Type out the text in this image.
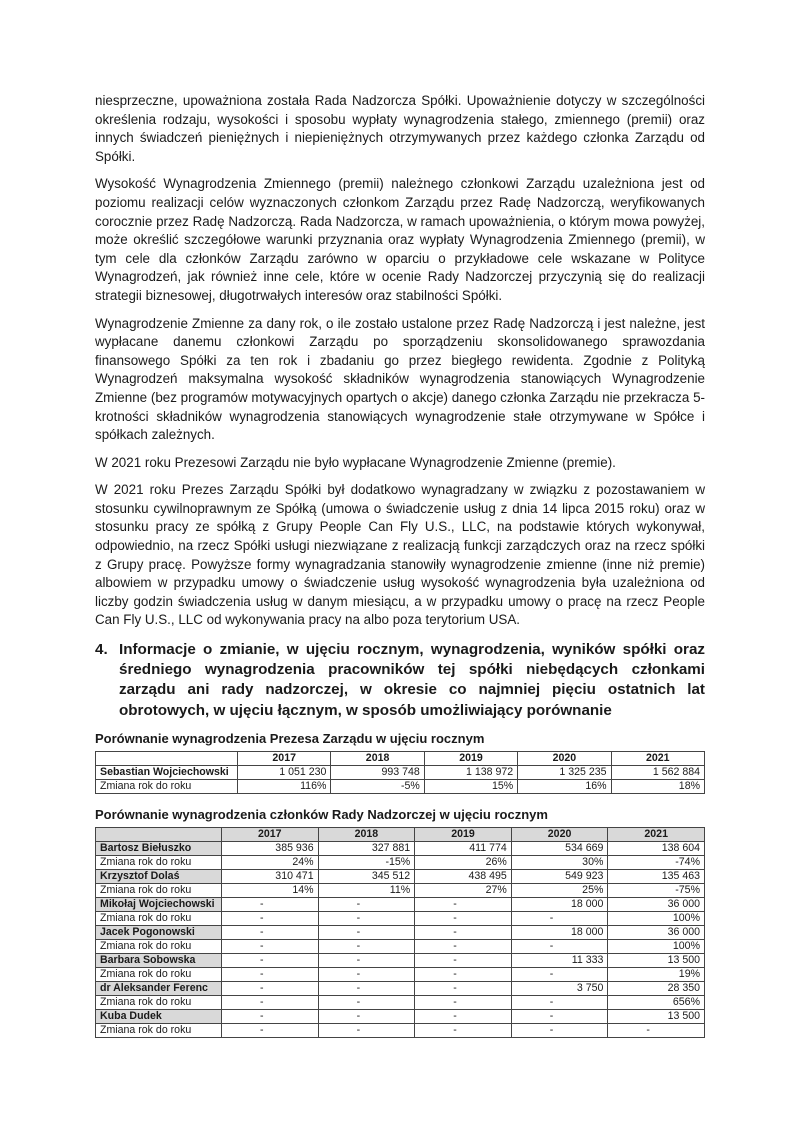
niesprzeczne, upoważniona została Rada Nadzorcza Spółki. Upoważnienie dotyczy w szczególności określenia rodzaju, wysokości i sposobu wypłaty wynagrodzenia stałego, zmiennego (premii) oraz innych świadczeń pieniężnych i niepieniężnych otrzymywanych przez każdego członka Zarządu od Spółki.

Wysokość Wynagrodzenia Zmiennego (premii) należnego członkowi Zarządu uzależniona jest od poziomu realizacji celów wyznaczonych członkom Zarządu przez Radę Nadzorczą, weryfikowanych corocznie przez Radę Nadzorczą. Rada Nadzorcza, w ramach upoważnienia, o którym mowa powyżej, może określić szczegółowe warunki przyznania oraz wypłaty Wynagrodzenia Zmiennego (premii), w tym cele dla członków Zarządu zarówno w oparciu o przykładowe cele wskazane w Polityce Wynagrodzeń, jak również inne cele, które w ocenie Rady Nadzorczej przyczynią się do realizacji strategii biznesowej, długotrwałych interesów oraz stabilności Spółki.

Wynagrodzenie Zmienne za dany rok, o ile zostało ustalone przez Radę Nadzorczą i jest należne, jest wypłacane danemu członkowi Zarządu po sporządzeniu skonsolidowanego sprawozdania finansowego Spółki za ten rok i zbadaniu go przez biegłego rewidenta. Zgodnie z Polityką Wynagrodzeń maksymalna wysokość składników wynagrodzenia stanowiących Wynagrodzenie Zmienne (bez programów motywacyjnych opartych o akcje) danego członka Zarządu nie przekracza 5-krotności składników wynagrodzenia stanowiących wynagrodzenie stałe otrzymywane w Spółce i spółkach zależnych.

W 2021 roku Prezesowi Zarządu nie było wypłacane Wynagrodzenie Zmienne (premie).

W 2021 roku Prezes Zarządu Spółki był dodatkowo wynagradzany w związku z pozostawaniem w stosunku cywilnoprawnym ze Spółką (umowa o świadczenie usług z dnia 14 lipca 2015 roku) oraz w stosunku pracy ze spółką z Grupy People Can Fly U.S., LLC, na podstawie których wykonywał, odpowiednio, na rzecz Spółki usługi niezwiązane z realizacją funkcji zarządczych oraz na rzecz spółki z Grupy pracę. Powyższe formy wynagradzania stanowiły wynagrodzenie zmienne (inne niż premie) albowiem w przypadku umowy o świadczenie usług wysokość wynagrodzenia była uzależniona od liczby godzin świadczenia usług w danym miesiącu, a w przypadku umowy o pracę na rzecz People Can Fly U.S., LLC od wykonywania pracy na albo poza terytorium USA.

4. Informacje o zmianie, w ujęciu rocznym, wynagrodzenia, wyników spółki oraz średniego wynagrodzenia pracowników tej spółki niebędących członkami zarządu ani rady nadzorczej, w okresie co najmniej pięciu ostatnich lat obrotowych, w ujęciu łącznym, w sposób umożliwiający porównanie
Porównanie wynagrodzenia Prezesa Zarządu w ujęciu rocznym
	2017	2018	2019	2020	2021
Sebastian Wojciechowski	1 051 230	993 748	1 138 972	1 325 235	1 562 884
Zmiana rok do roku	116%	-5%	15%	16%	18%
Porównanie wynagrodzenia członków Rady Nadzorczej w ujęciu rocznym
	2017	2018	2019	2020	2021
Bartosz Biełuszko	385 936	327 881	411 774	534 669	138 604
Zmiana rok do roku	24%	-15%	26%	30%	-74%
Krzysztof Dolaś	310 471	345 512	438 495	549 923	135 463
Zmiana rok do roku	14%	11%	27%	25%	-75%
Mikołaj Wojciechowski	-	-	-	18 000	36 000
Zmiana rok do roku	-	-	-	-	100%
Jacek Pogonowski	-	-	-	18 000	36 000
Zmiana rok do roku	-	-	-	-	100%
Barbara Sobowska	-	-	-	11 333	13 500
Zmiana rok do roku	-	-	-	-	19%
dr Aleksander Ferenc	-	-	-	3 750	28 350
Zmiana rok do roku	-	-	-	-	656%
Kuba Dudek	-	-	-	-	13 500
Zmiana rok do roku	-	-	-	-	-
